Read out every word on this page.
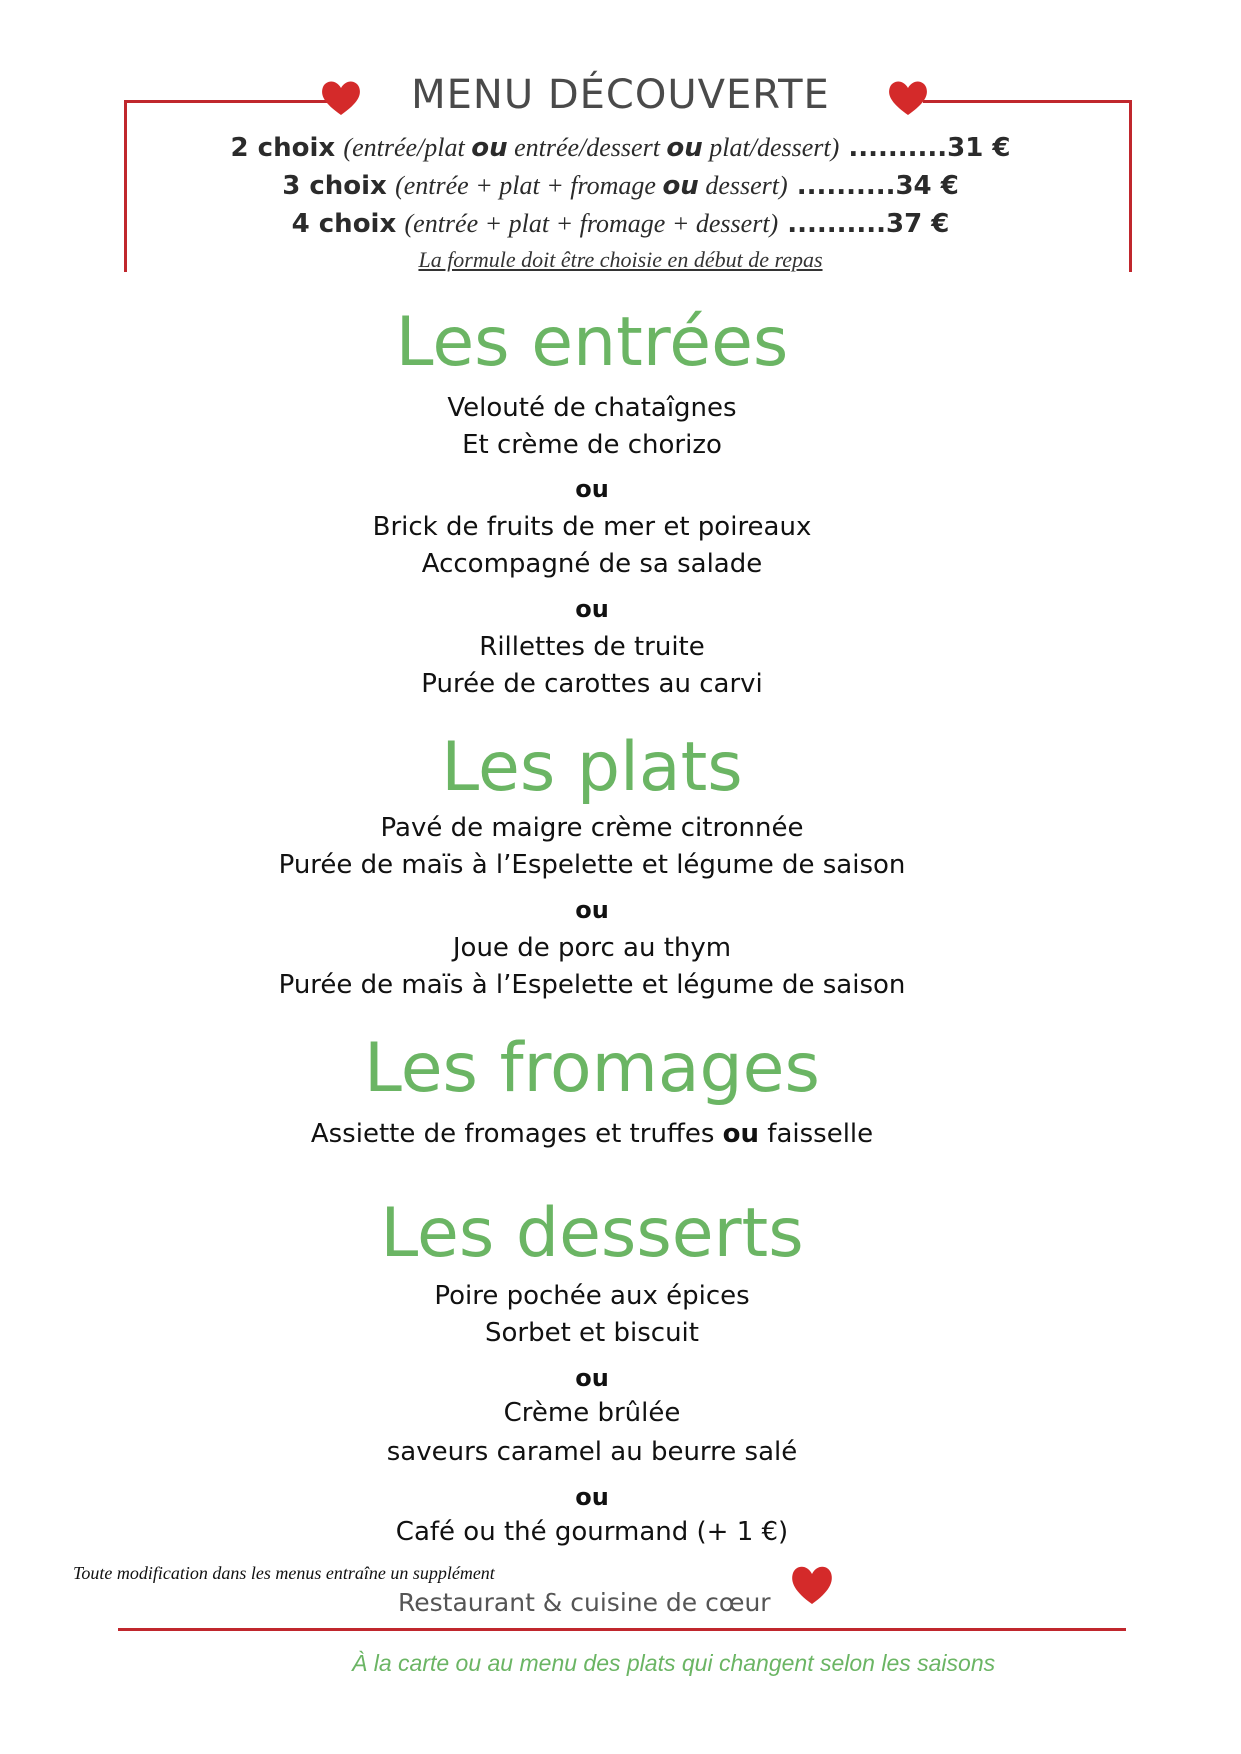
MENU DÉCOUVERTE
2 choix (entrée/plat ou entrée/dessert ou plat/dessert) ..........31 €
3 choix (entrée + plat + fromage ou dessert) ..........34 €
4 choix (entrée + plat + fromage + dessert) ..........37 €
La formule doit être choisie en début de repas
Les entrées
Velouté de chataîgnes
Et crème de chorizo
ou
Brick de fruits de mer et poireaux
Accompagné de sa salade
ou
Rillettes de truite
Purée de carottes au carvi
Les plats
Pavé de maigre crème citronnée
Purée de maïs à l’Espelette et légume de saison
ou
Joue de porc au thym
Purée de maïs à l’Espelette et légume de saison
Les fromages
Assiette de fromages et truffes ou faisselle
Les desserts
Poire pochée aux épices
Sorbet et biscuit
ou
Crème brûlée
saveurs caramel au beurre salé
ou
Café ou thé gourmand (+ 1 €)
Toute modification dans les menus entraîne un supplément
Restaurant & cuisine de cœur
À la carte ou au menu des plats qui changent selon les saisons
